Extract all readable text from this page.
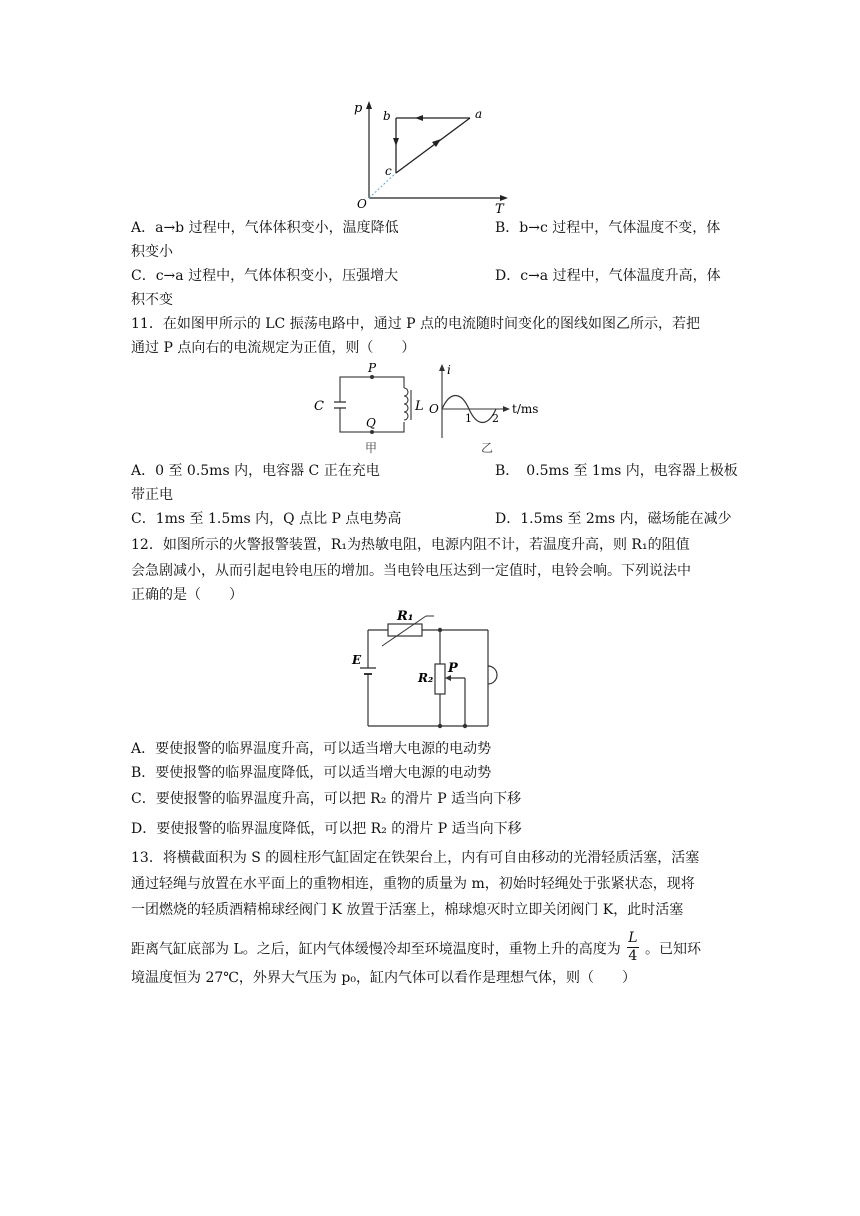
p b	a
c
O	T
A．a→b 过程中，气体体积变小，温度降低	B．b→c 过程中，气体温度不变，体
积变小
C．c→a 过程中，气体体积变小，压强增大	D．c→a 过程中，气体温度升高，体
积不变
11．在如图甲所示的 LC 振荡电路中，通过 P 点的电流随时间变化的图线如图乙所示，若把
通过 P 点向右的电流规定为正值，则（　　）
P
Q
C	L
甲
i
O
1 2
t/ms
乙
A．0 至 0.5ms 内，电容器 C 正在充电	B．　0.5ms 至 1ms 内，电容器上极板
带正电
C．1ms 至 1.5ms 内，Q 点比 P 点电势高	D．1.5ms 至 2ms 内，磁场能在减少
12．如图所示的火警报警装置，R₁为热敏电阻，电源内阻不计，若温度升高，则 R₁的阻值
会急剧减小，从而引起电铃电压的增加。当电铃电压达到一定值时，电铃会响。下列说法中
正确的是（　　）
R₁
R₂
P
E
A．要使报警的临界温度升高，可以适当增大电源的电动势
B．要使报警的临界温度降低，可以适当增大电源的电动势
C．要使报警的临界温度升高，可以把 R₂ 的滑片 P 适当向下移
D．要使报警的临界温度降低，可以把 R₂ 的滑片 P 适当向下移
13．将横截面积为 S 的圆柱形气缸固定在铁架台上，内有可自由移动的光滑轻质活塞，活塞
通过轻绳与放置在水平面上的重物相连，重物的质量为 m，初始时轻绳处于张紧状态，现将
一团燃烧的轻质酒精棉球经阀门 K 放置于活塞上，棉球熄灭时立即关闭阀门 K，此时活塞
距离气缸底部为 L。之后，缸内气体缓慢冷却至环境温度时，重物上升的高度为 $\frac{L}{4}$ 。已知环
境温度恒为 27℃，外界大气压为 p₀，缸内气体可以看作是理想气体，则（　　）
